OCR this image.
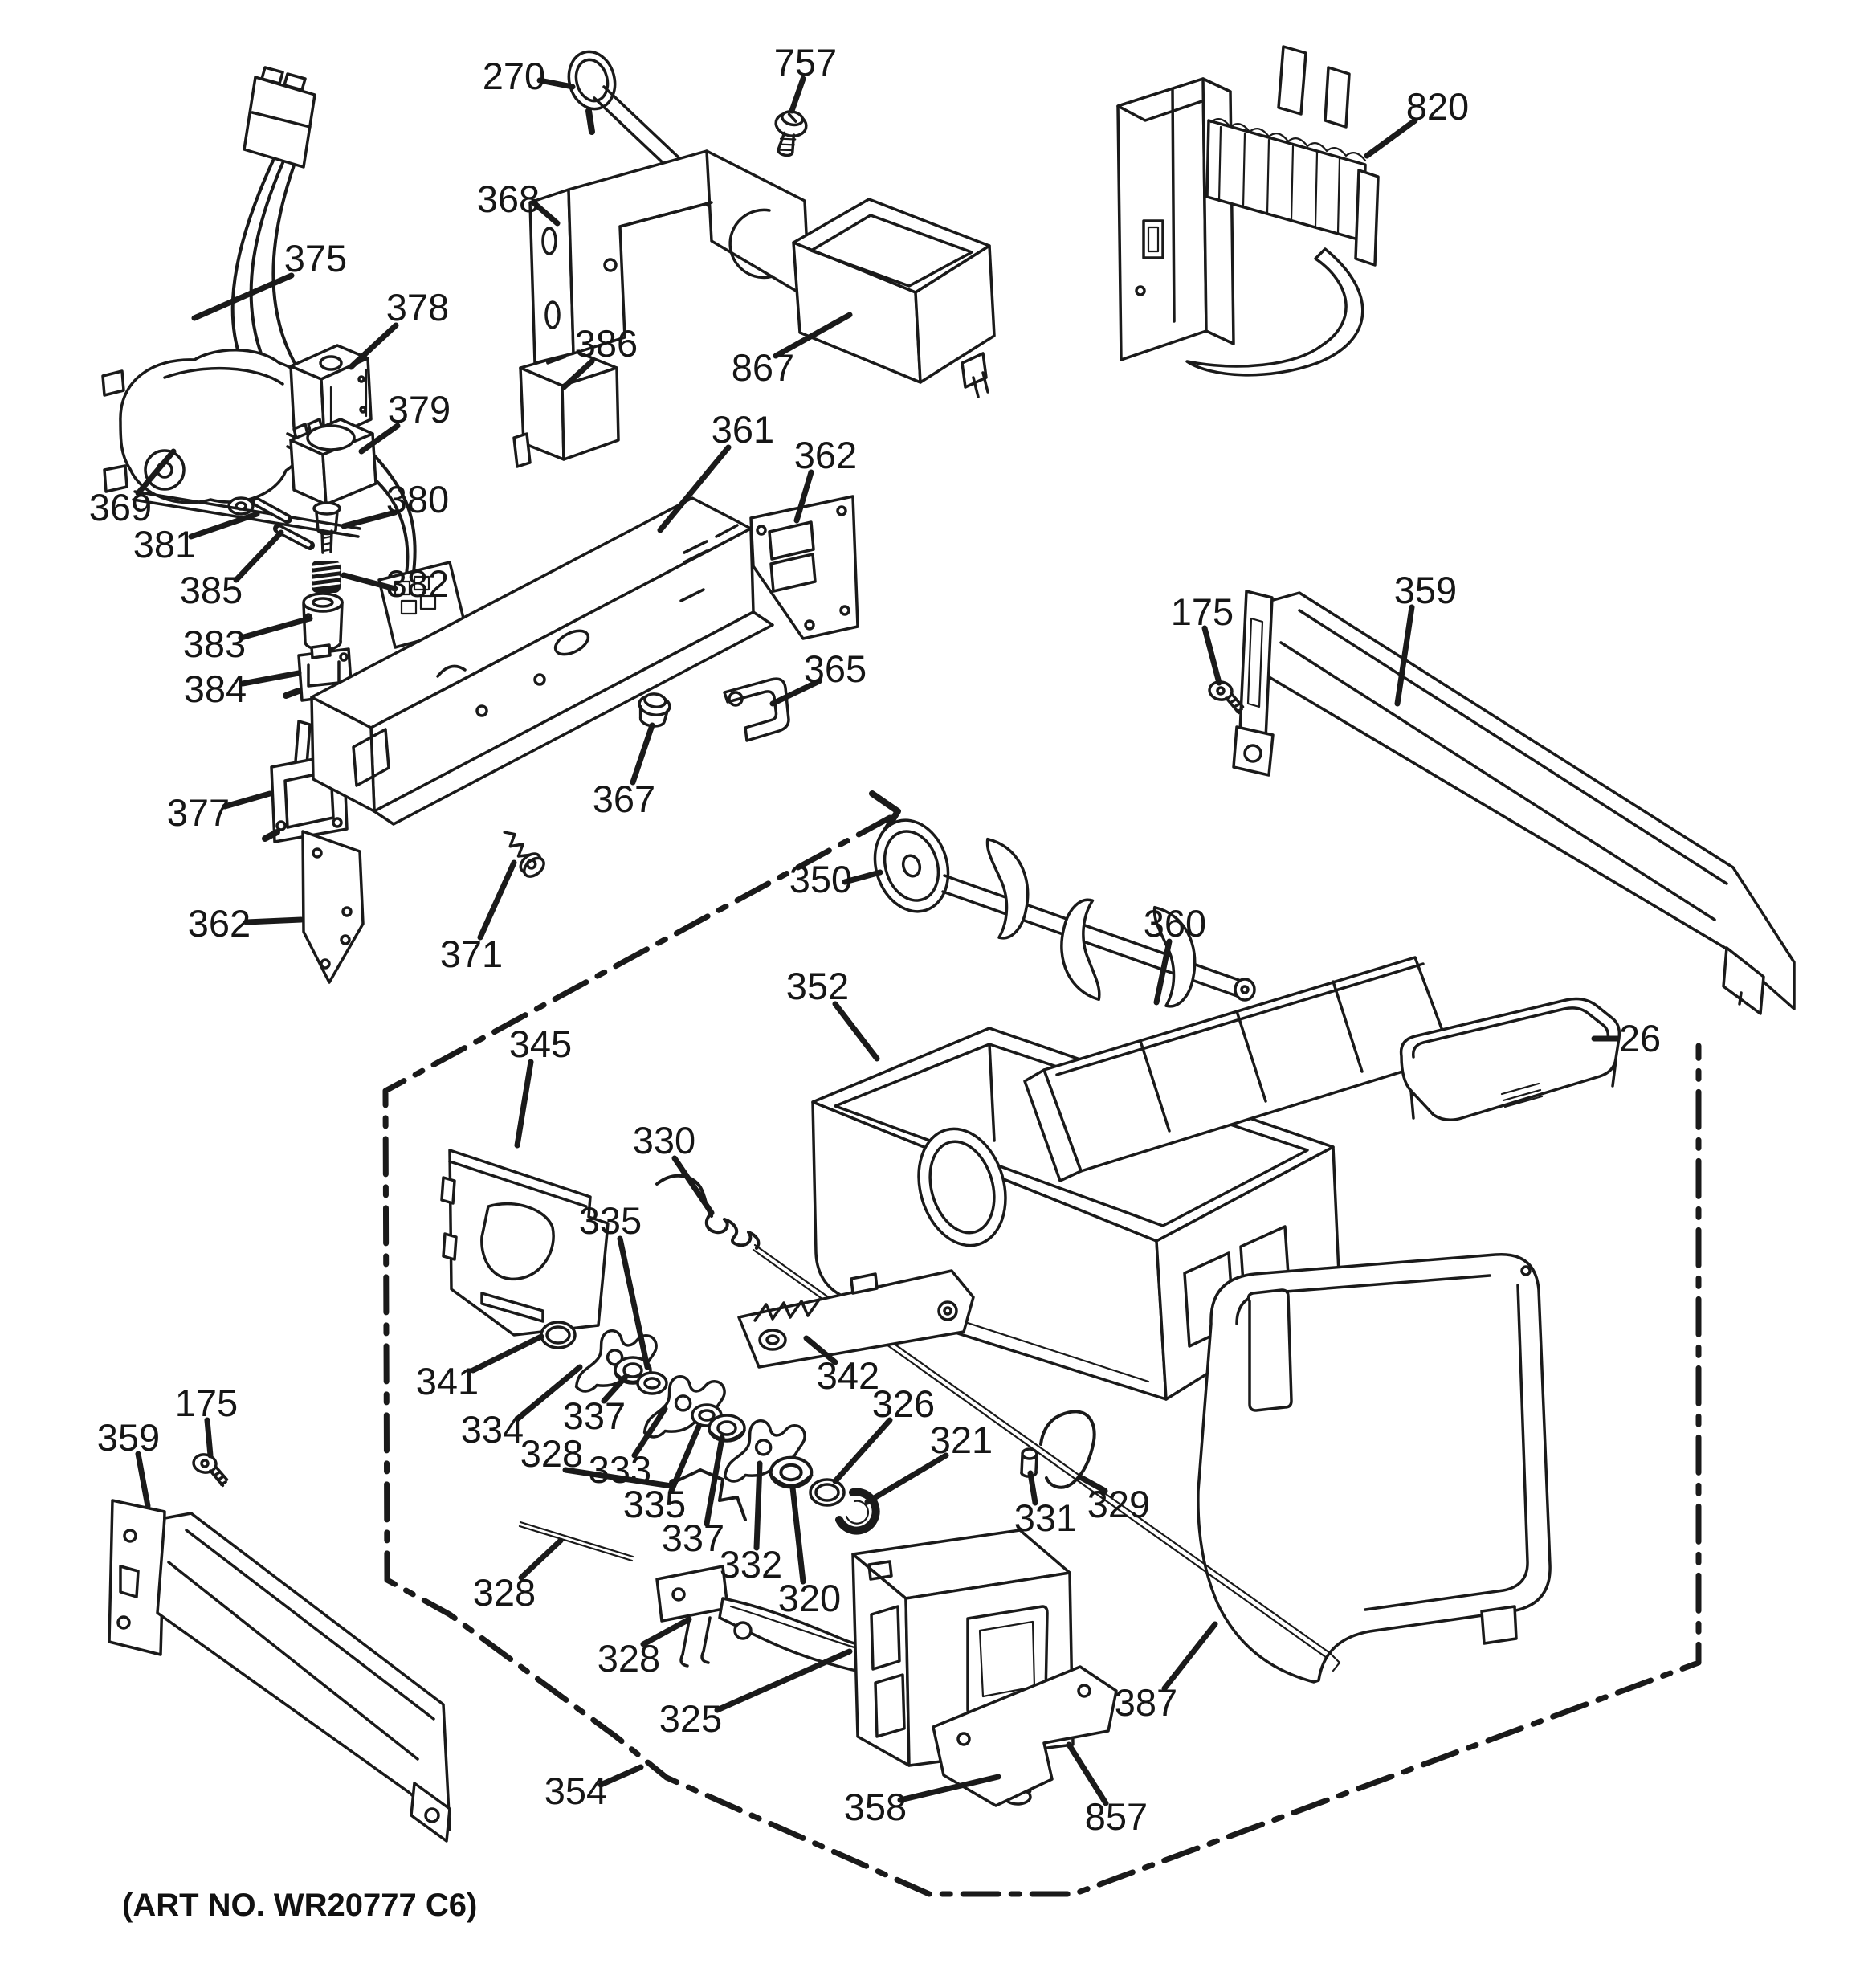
(ART NO. WR20777 C6)
270	757
820
368
867
375
378
379
380
382
386
361
362
369
381
385
383
384
377
362
371
367
365
175
359
350
352
360
26
345
330
335
341
334 337
333
335
337
332
320
326
321
342
328
328
328
331 329
325
358	857
387
354
175
359
